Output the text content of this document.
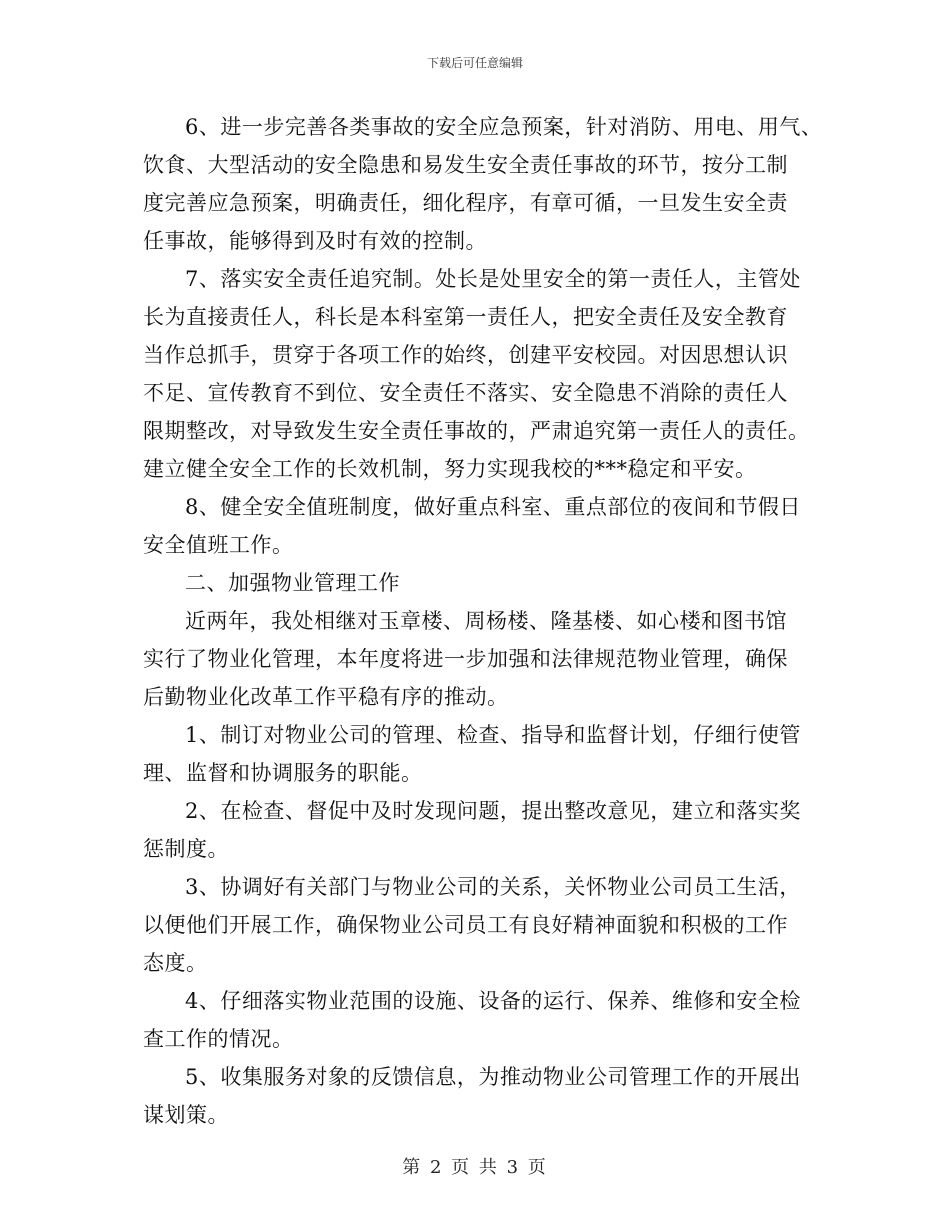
下载后可任意编辑
6、进一步完善各类事故的安全应急预案，针对消防、用电、用气、
饮食、大型活动的安全隐患和易发生安全责任事故的环节，按分工制
度完善应急预案，明确责任，细化程序，有章可循，一旦发生安全责
任事故，能够得到及时有效的控制。
7、落实安全责任追究制。处长是处里安全的第一责任人，主管处
长为直接责任人，科长是本科室第一责任人，把安全责任及安全教育
当作总抓手，贯穿于各项工作的始终，创建平安校园。对因思想认识
不足、宣传教育不到位、安全责任不落实、安全隐患不消除的责任人
限期整改，对导致发生安全责任事故的，严肃追究第一责任人的责任。
建立健全安全工作的长效机制，努力实现我校的***稳定和平安。
8、健全安全值班制度，做好重点科室、重点部位的夜间和节假日
安全值班工作。
二、加强物业管理工作
近两年，我处相继对玉章楼、周杨楼、隆基楼、如心楼和图书馆
实行了物业化管理，本年度将进一步加强和法律规范物业管理，确保
后勤物业化改革工作平稳有序的推动。
1、制订对物业公司的管理、检查、指导和监督计划，仔细行使管
理、监督和协调服务的职能。
2、在检查、督促中及时发现问题，提出整改意见，建立和落实奖
惩制度。
3、协调好有关部门与物业公司的关系，关怀物业公司员工生活，
以便他们开展工作，确保物业公司员工有良好精神面貌和积极的工作
态度。
4、仔细落实物业范围的设施、设备的运行、保养、维修和安全检
查工作的情况。
5、收集服务对象的反馈信息，为推动物业公司管理工作的开展出
谋划策。
第 2 页 共 3 页
